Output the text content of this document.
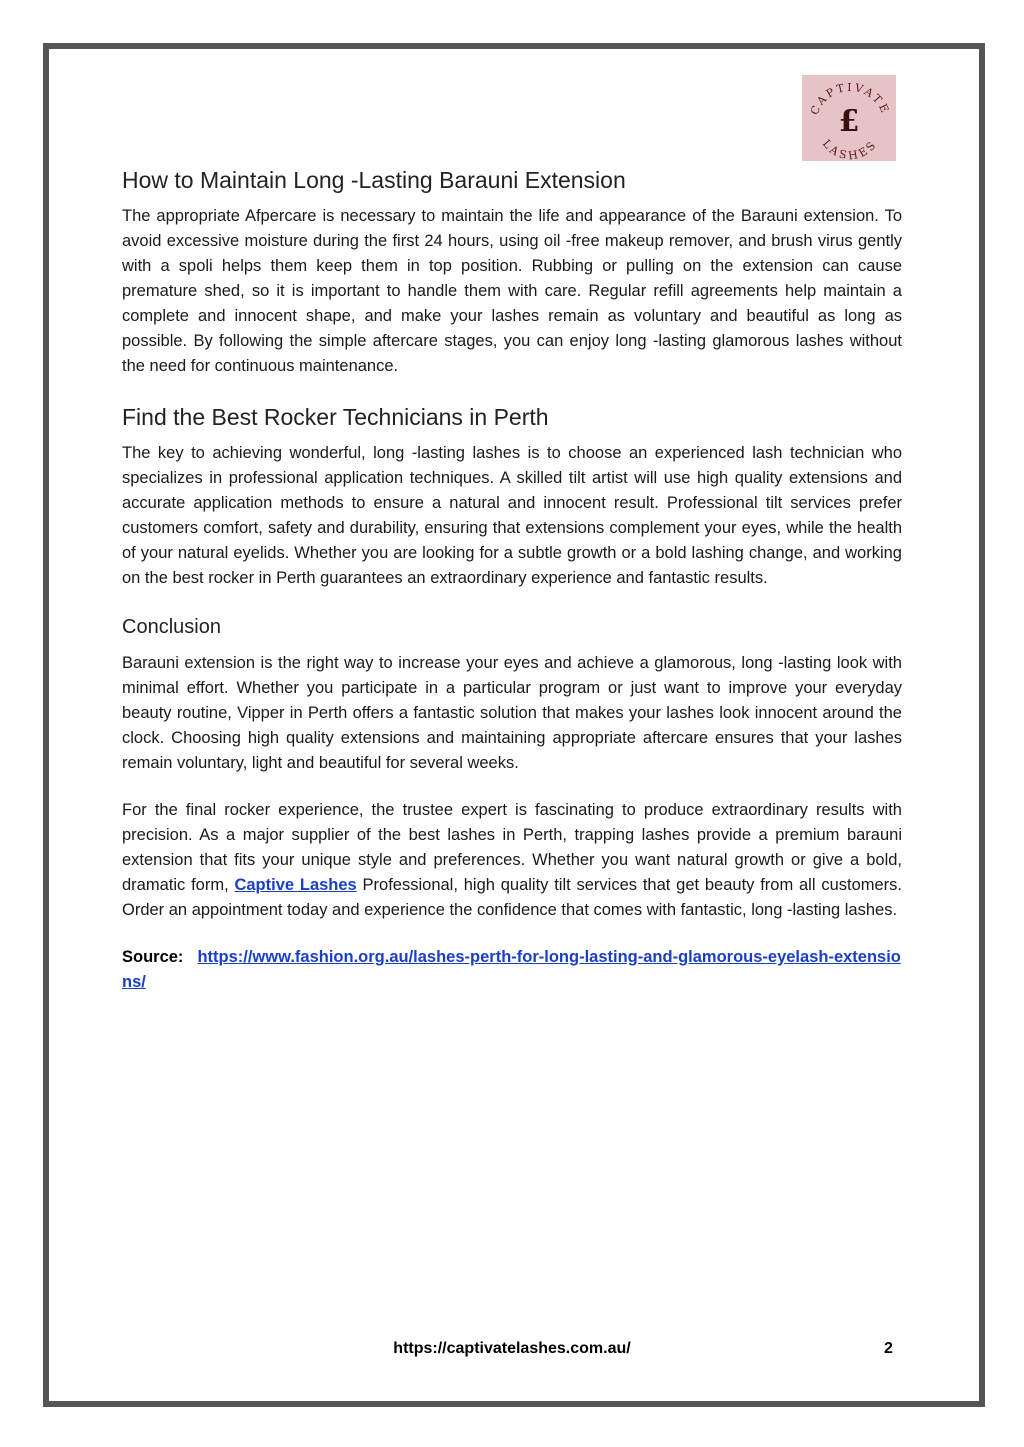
CAPTIVATE
LASHES
£
How to Maintain Long -Lasting Barauni Extension

The appropriate Afpercare is necessary to maintain the life and appearance of the Barauni extension. To avoid excessive moisture during the first 24 hours, using oil -free makeup remover, and brush virus gently with a spoli helps them keep them in top position. Rubbing or pulling on the extension can cause premature shed, so it is important to handle them with care. Regular refill agreements help maintain a complete and innocent shape, and make your lashes remain as voluntary and beautiful as long as possible. By following the simple aftercare stages, you can enjoy long -lasting glamorous lashes without the need for continuous maintenance.

Find the Best Rocker Technicians in Perth

The key to achieving wonderful, long -lasting lashes is to choose an experienced lash technician who specializes in professional application techniques. A skilled tilt artist will use high quality extensions and accurate application methods to ensure a natural and innocent result. Professional tilt services prefer customers comfort, safety and durability, ensuring that extensions complement your eyes, while the health of your natural eyelids. Whether you are looking for a subtle growth or a bold lashing change, and working on the best rocker in Perth guarantees an extraordinary experience and fantastic results.

Conclusion

Barauni extension is the right way to increase your eyes and achieve a glamorous, long -lasting look with minimal effort. Whether you participate in a particular program or just want to improve your everyday beauty routine, Vipper in Perth offers a fantastic solution that makes your lashes look innocent around the clock. Choosing high quality extensions and maintaining appropriate aftercare ensures that your lashes remain voluntary, light and beautiful for several weeks.

For the final rocker experience, the trustee expert is fascinating to produce extraordinary results with precision. As a major supplier of the best lashes in Perth, trapping lashes provide a premium barauni extension that fits your unique style and preferences. Whether you want natural growth or give a bold, dramatic form, Captive Lashes Professional, high quality tilt services that get beauty from all customers. Order an appointment today and experience the confidence that comes with fantastic, long -lasting lashes.

Source: https://www.fashion.org.au/lashes-perth-for-long-lasting-and-glamorous-eyelash-extensions/
https://captivatelashes.com.au/	2
